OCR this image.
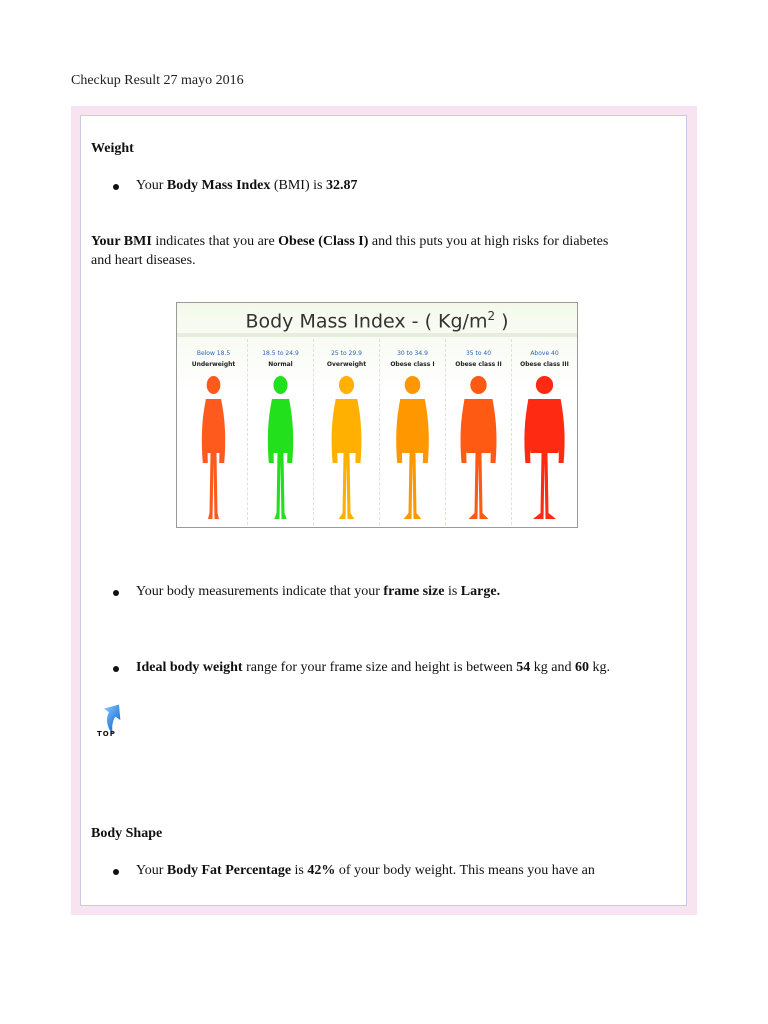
Checkup Result 27 mayo 2016
Weight
Your Body Mass Index (BMI) is 32.87
Your BMI indicates that you are Obese (Class I) and this puts you at high risks for diabetes
and heart diseases.
Body Mass Index - ( $Kg/m^2$ )
Below 18.5
Underweight
18.5 to 24.9
Normal
25 to 29.9
Overweight
30 to 34.9
Obese class I
35 to 40
Obese class II
Above 40
Obese class III
Your body measurements indicate that your frame size is Large.
Ideal body weight range for your frame size and height is between 54 kg and 60 kg.
TOP
Body Shape
Your Body Fat Percentage is 42% of your body weight. This means you have an
